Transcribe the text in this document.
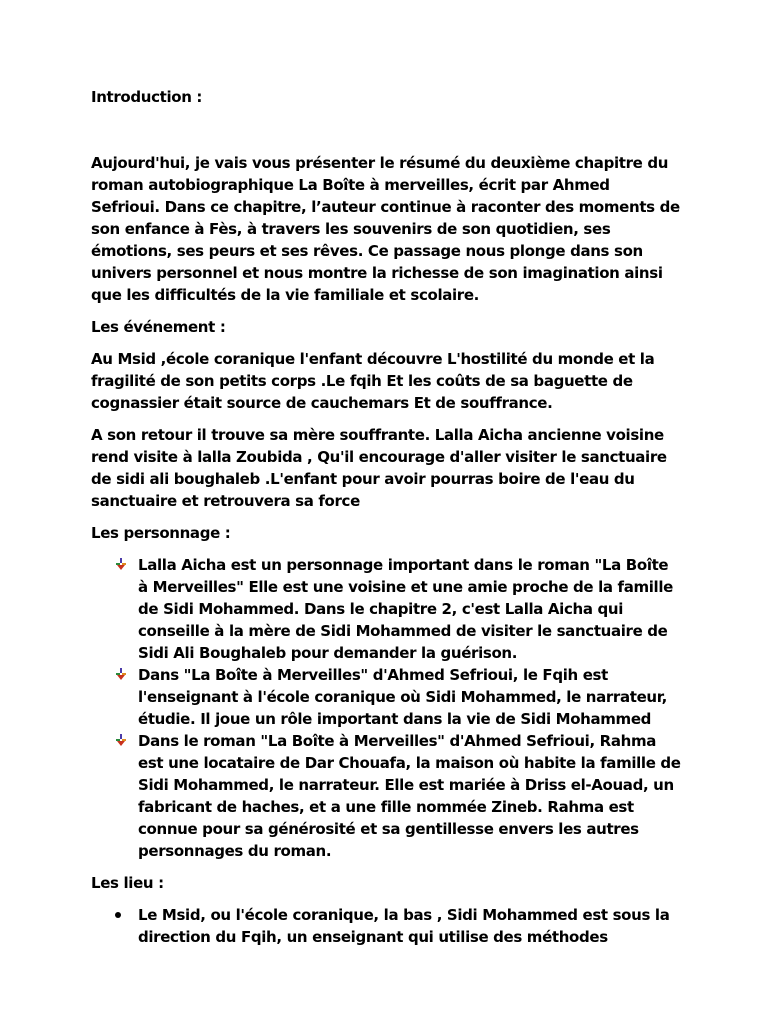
Introduction :

Aujourd'hui, je vais vous présenter le résumé du deuxième chapitre du roman autobiographique La Boîte à merveilles, écrit par Ahmed Sefrioui. Dans ce chapitre, l’auteur continue à raconter des moments de son enfance à Fès, à travers les souvenirs de son quotidien, ses émotions, ses peurs et ses rêves. Ce passage nous plonge dans son univers personnel et nous montre la richesse de son imagination ainsi que les difficultés de la vie familiale et scolaire.

Les événement :

Au Msid ,école coranique l'enfant découvre L'hostilité du monde et la fragilité de son petits corps .Le fqih Et les coûts de sa baguette de cognassier était source de cauchemars Et de souffrance.

A son retour il trouve sa mère souffrante. Lalla Aicha ancienne voisine rend visite à lalla Zoubida , Qu'il encourage d'aller visiter le sanctuaire de sidi ali boughaleb .L'enfant pour avoir pourras boire de l'eau du sanctuaire et retrouvera sa force

Les personnage :

Lalla Aicha est un personnage important dans le roman "La Boîte à Merveilles" Elle est une voisine et une amie proche de la famille de Sidi Mohammed. Dans le chapitre 2, c'est Lalla Aicha qui conseille à la mère de Sidi Mohammed de visiter le sanctuaire de Sidi Ali Boughaleb pour demander la guérison.
Dans "La Boîte à Merveilles" d'Ahmed Sefrioui, le Fqih est l'enseignant à l'école coranique où Sidi Mohammed, le narrateur, étudie. Il joue un rôle important dans la vie de Sidi Mohammed
Dans le roman "La Boîte à Merveilles" d'Ahmed Sefrioui, Rahma est une locataire de Dar Chouafa, la maison où habite la famille de Sidi Mohammed, le narrateur. Elle est mariée à Driss el-Aouad, un fabricant de haches, et a une fille nommée Zineb. Rahma est connue pour sa générosité et sa gentillesse envers les autres personnages du roman.

Les lieu :

Le Msid, ou l'école coranique, la bas , Sidi Mohammed est sous la direction du Fqih, un enseignant qui utilise des méthodes
